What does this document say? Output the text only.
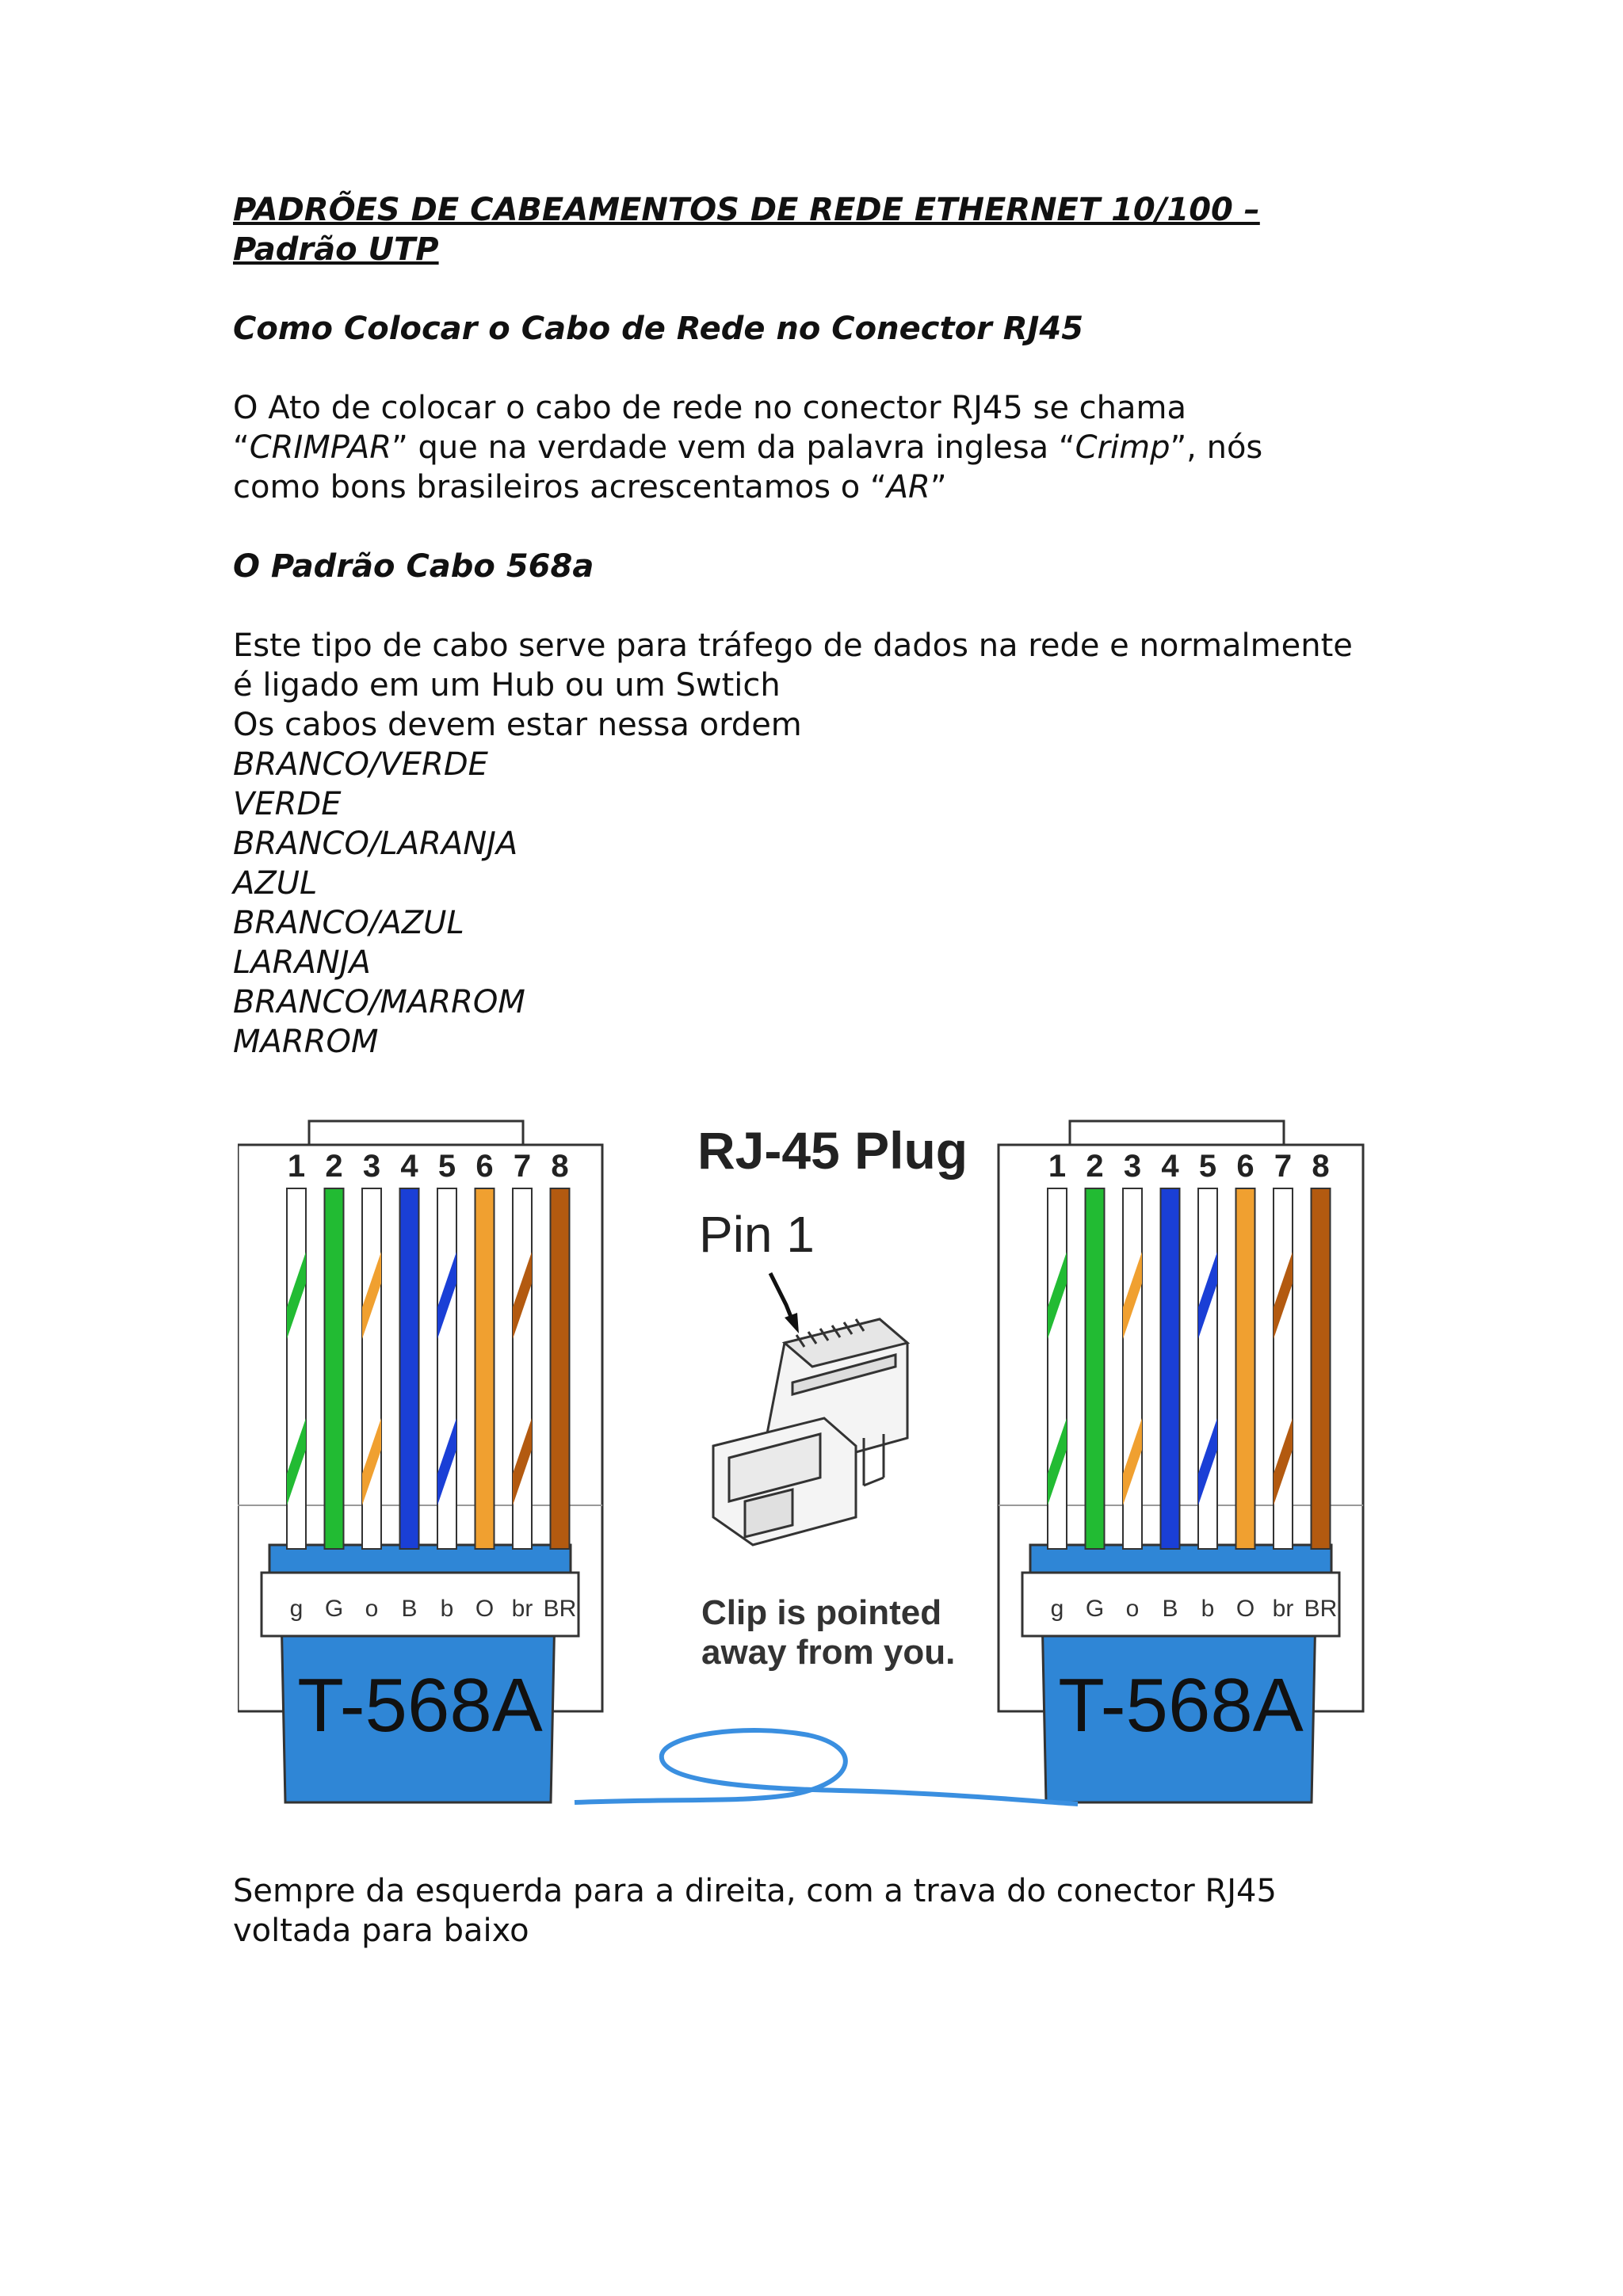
PADRÕES DE CABEAMENTOS DE REDE ETHERNET 10/100 –
Padrão UTP

Como Colocar o Cabo de Rede no Conector RJ45

O Ato de colocar o cabo de rede no conector RJ45 se chama
“CRIMPAR” que na verdade vem da palavra inglesa “Crimp”, nós
como bons brasileiros acrescentamos o “AR”

O Padrão Cabo 568a

Este tipo de cabo serve para tráfego de dados na rede e normalmente
é ligado em um Hub ou um Swtich
Os cabos devem estar nessa ordem

BRANCO/VERDE
VERDE
BRANCO/LARANJA
AZUL
BRANCO/AZUL
LARANJA
BRANCO/MARROM
MARROM
1 2 3 4 5 6 7 8
g G o B b O br BR
T-568A
1 2 3 4 5 6 7 8
g G o B b O br BR
T-568A
RJ-45 Plug
Pin 1
Clip is pointed
away from you.

Sempre da esquerda para a direita, com a trava do conector RJ45
voltada para baixo
